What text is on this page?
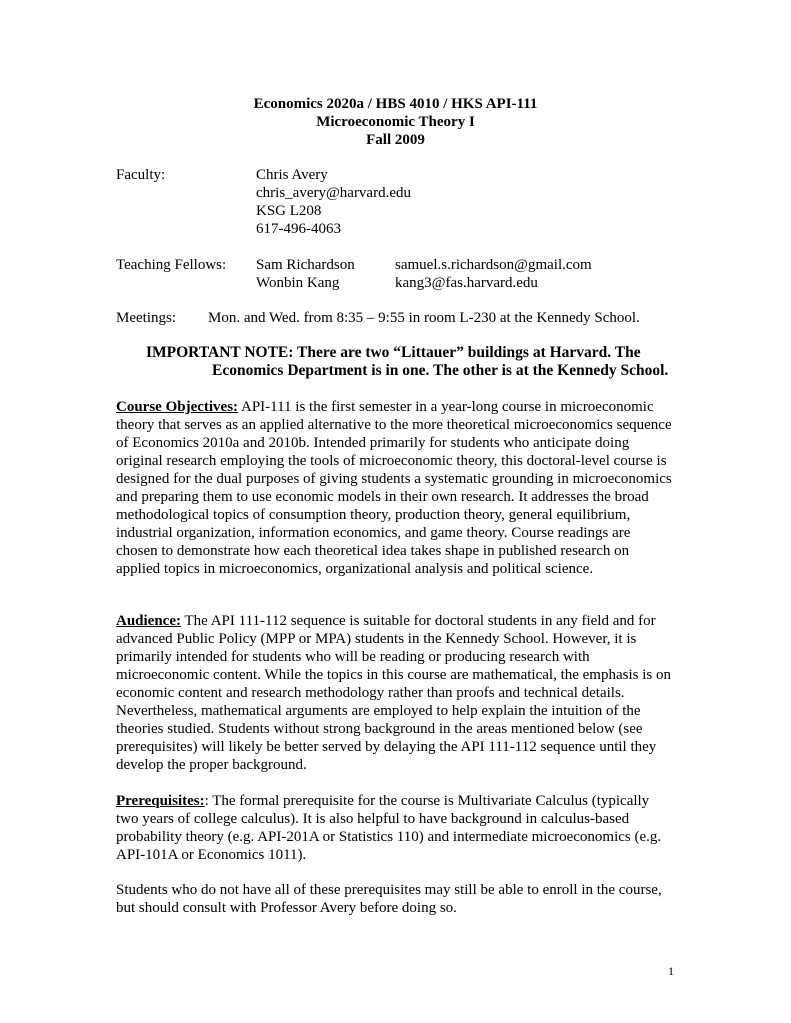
Economics 2020a / HBS 4010 / HKS API-111
Microeconomic Theory I
Fall 2009
Faculty:	Chris Avery
chris_avery@harvard.edu
KSG L208
617-496-4063
Teaching Fellows: Sam Richardson	samuel.s.richardson@gmail.com
Wonbin Kang	kang3@fas.harvard.edu
Meetings: Mon. and Wed. from 8:35 – 9:55 in room L-230 at the Kennedy School.
IMPORTANT NOTE: There are two “Littauer” buildings at Harvard. The
Economics Department is in one. The other is at the Kennedy School.
Course Objectives: API-111 is the first semester in a year-long course in microeconomic theory that serves as an applied alternative to the more theoretical microeconomics sequence of Economics 2010a and 2010b. Intended primarily for students who anticipate doing original research employing the tools of microeconomic theory, this doctoral-level course is designed for the dual purposes of giving students a systematic grounding in microeconomics and preparing them to use economic models in their own research. It addresses the broad methodological topics of consumption theory, production theory, general equilibrium, industrial organization, information economics, and game theory. Course readings are chosen to demonstrate how each theoretical idea takes shape in published research on applied topics in microeconomics, organizational analysis and political science.
Audience: The API 111-112 sequence is suitable for doctoral students in any field and for advanced Public Policy (MPP or MPA) students in the Kennedy School. However, it is primarily intended for students who will be reading or producing research with microeconomic content. While the topics in this course are mathematical, the emphasis is on economic content and research methodology rather than proofs and technical details. Nevertheless, mathematical arguments are employed to help explain the intuition of the theories studied. Students without strong background in the areas mentioned below (see prerequisites) will likely be better served by delaying the API 111-112 sequence until they develop the proper background.
Prerequisites:: The formal prerequisite for the course is Multivariate Calculus (typically two years of college calculus). It is also helpful to have background in calculus-based probability theory (e.g. API-201A or Statistics 110) and intermediate microeconomics (e.g. API-101A or Economics 1011).
Students who do not have all of these prerequisites may still be able to enroll in the course, but should consult with Professor Avery before doing so.
1
